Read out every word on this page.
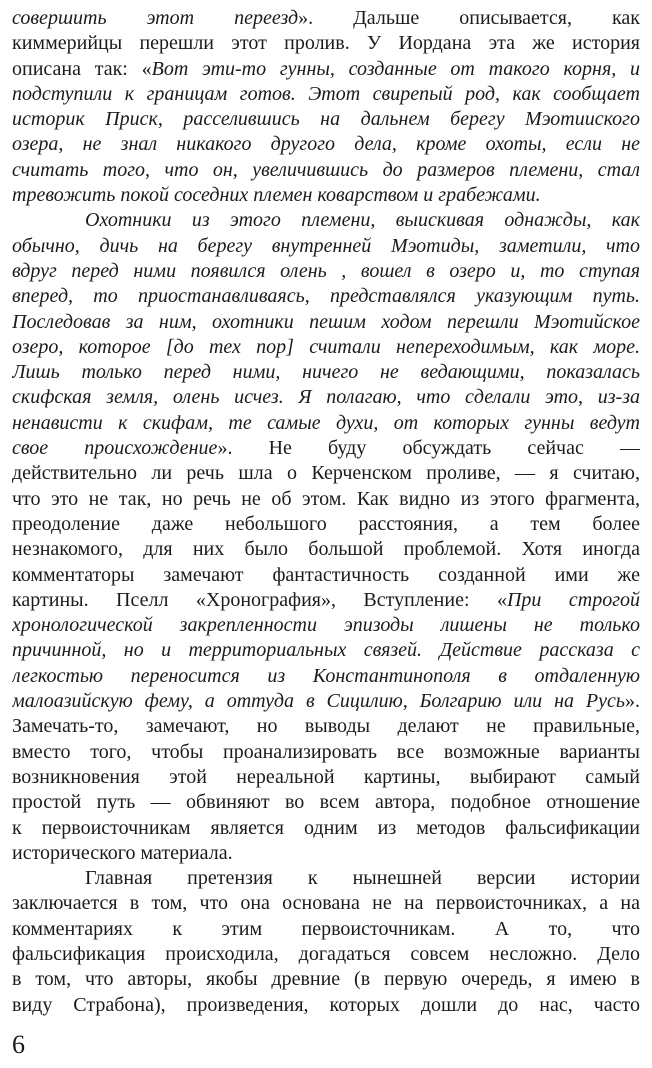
совершить этот переезд». Дальше описывается, как
киммерийцы перешли этот пролив. У Иордана эта же история
описана так: «Вот эти-то гунны, созданные от такого корня, и
подступили к границам готов. Этот свирепый род, как сообщает
историк Приск, расселившись на дальнем берегу Мэотииского
озера, не знал никакого другого дела, кроме охоты, если не
считать того, что он, увеличившись до размеров племени, стал
тревожить покой соседних племен коварством и грабежами.
Охотники из этого племени, выискивая однажды, как
обычно, дичь на берегу внутренней Мэотиды, заметили, что
вдруг перед ними появился олень , вошел в озеро и, то ступая
вперед, то приостанавливаясь, представлялся указующим путь.
Последовав за ним, охотники пешим ходом перешли Мэотийское
озеро, которое [до тех пор] считали непереходимым, как море.
Лишь только перед ними, ничего не ведающими, показалась
скифская земля, олень исчез. Я полагаю, что сделали это, из-за
ненависти к скифам, те самые духи, от которых гунны ведут
свое происхождение». Не буду обсуждать сейчас —
действительно ли речь шла о Керченском проливе, — я считаю,
что это не так, но речь не об этом. Как видно из этого фрагмента,
преодоление даже небольшого расстояния, а тем более
незнакомого, для них было большой проблемой. Хотя иногда
комментаторы замечают фантастичность созданной ими же
картины. Пселл «Хронография», Вступление: «При строгой
хронологической закрепленности эпизоды лишены не только
причинной, но и территориальных связей. Действие рассказа с
легкостью переносится из Константинополя в отдаленную
малоазийскую фему, а оттуда в Сицилию, Болгарию или на Русь».
Замечать-то, замечают, но выводы делают не правильные,
вместо того, чтобы проанализировать все возможные варианты
возникновения этой нереальной картины, выбирают самый
простой путь — обвиняют во всем автора, подобное отношение
к первоисточникам является одним из методов фальсификации
исторического материала.
Главная претензия к нынешней версии истории
заключается в том, что она основана не на первоисточниках, а на
комментариях к этим первоисточникам. А то, что
фальсификация происходила, догадаться совсем несложно. Дело
в том, что авторы, якобы древние (в первую очередь, я имею в
виду Страбона), произведения, которых дошли до нас, часто
6
